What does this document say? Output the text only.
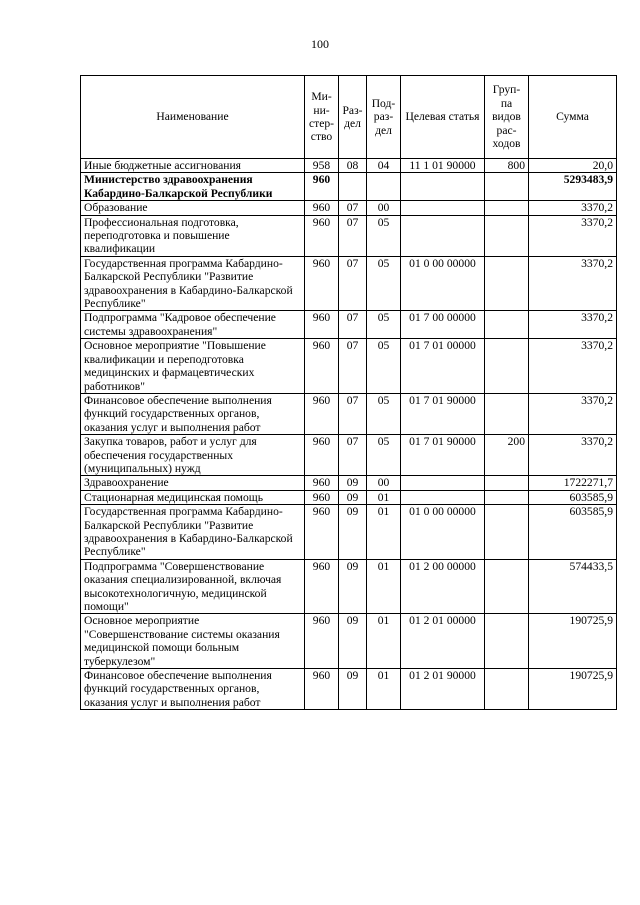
100
Наименование	Ми-ни-стер-ство	Раз-дел	Под-раз-дел	Целевая статья	Груп-па видов рас-ходов	Сумма
Иные бюджетные ассигнования	958	08	04	11 1 01 90000	800	20,0
Министерство здравоохранения Кабардино-Балкарской Республики	960					5293483,9
Образование	960	07	00			3370,2
Профессиональная подготовка, переподготовка и повышение квалификации	960	07	05			3370,2
Государственная программа Кабардино-Балкарской Республики "Развитие здравоохранения в Кабардино-Балкарской Республике"	960	07	05	01 0 00 00000		3370,2
Подпрограмма "Кадровое обеспечение системы здравоохранения"	960	07	05	01 7 00 00000		3370,2
Основное мероприятие "Повышение квалификации и переподготовка медицинских и фармацевтических работников"	960	07	05	01 7 01 00000		3370,2
Финансовое обеспечение выполнения функций государственных органов, оказания услуг и выполнения работ	960	07	05	01 7 01 90000		3370,2
Закупка товаров, работ и услуг для обеспечения государственных (муниципальных) нужд	960	07	05	01 7 01 90000	200	3370,2
Здравоохранение	960	09	00			1722271,7
Стационарная медицинская помощь	960	09	01			603585,9
Государственная программа Кабардино-Балкарской Республики "Развитие здравоохранения в Кабардино-Балкарской Республике"	960	09	01	01 0 00 00000		603585,9
Подпрограмма "Совершенствование оказания специализированной, включая высокотехнологичную, медицинской помощи"	960	09	01	01 2 00 00000		574433,5
Основное мероприятие "Совершенствование системы оказания медицинской помощи больным туберкулезом"	960	09	01	01 2 01 00000		190725,9
Финансовое обеспечение выполнения функций государственных органов, оказания услуг и выполнения работ	960	09	01	01 2 01 90000		190725,9
